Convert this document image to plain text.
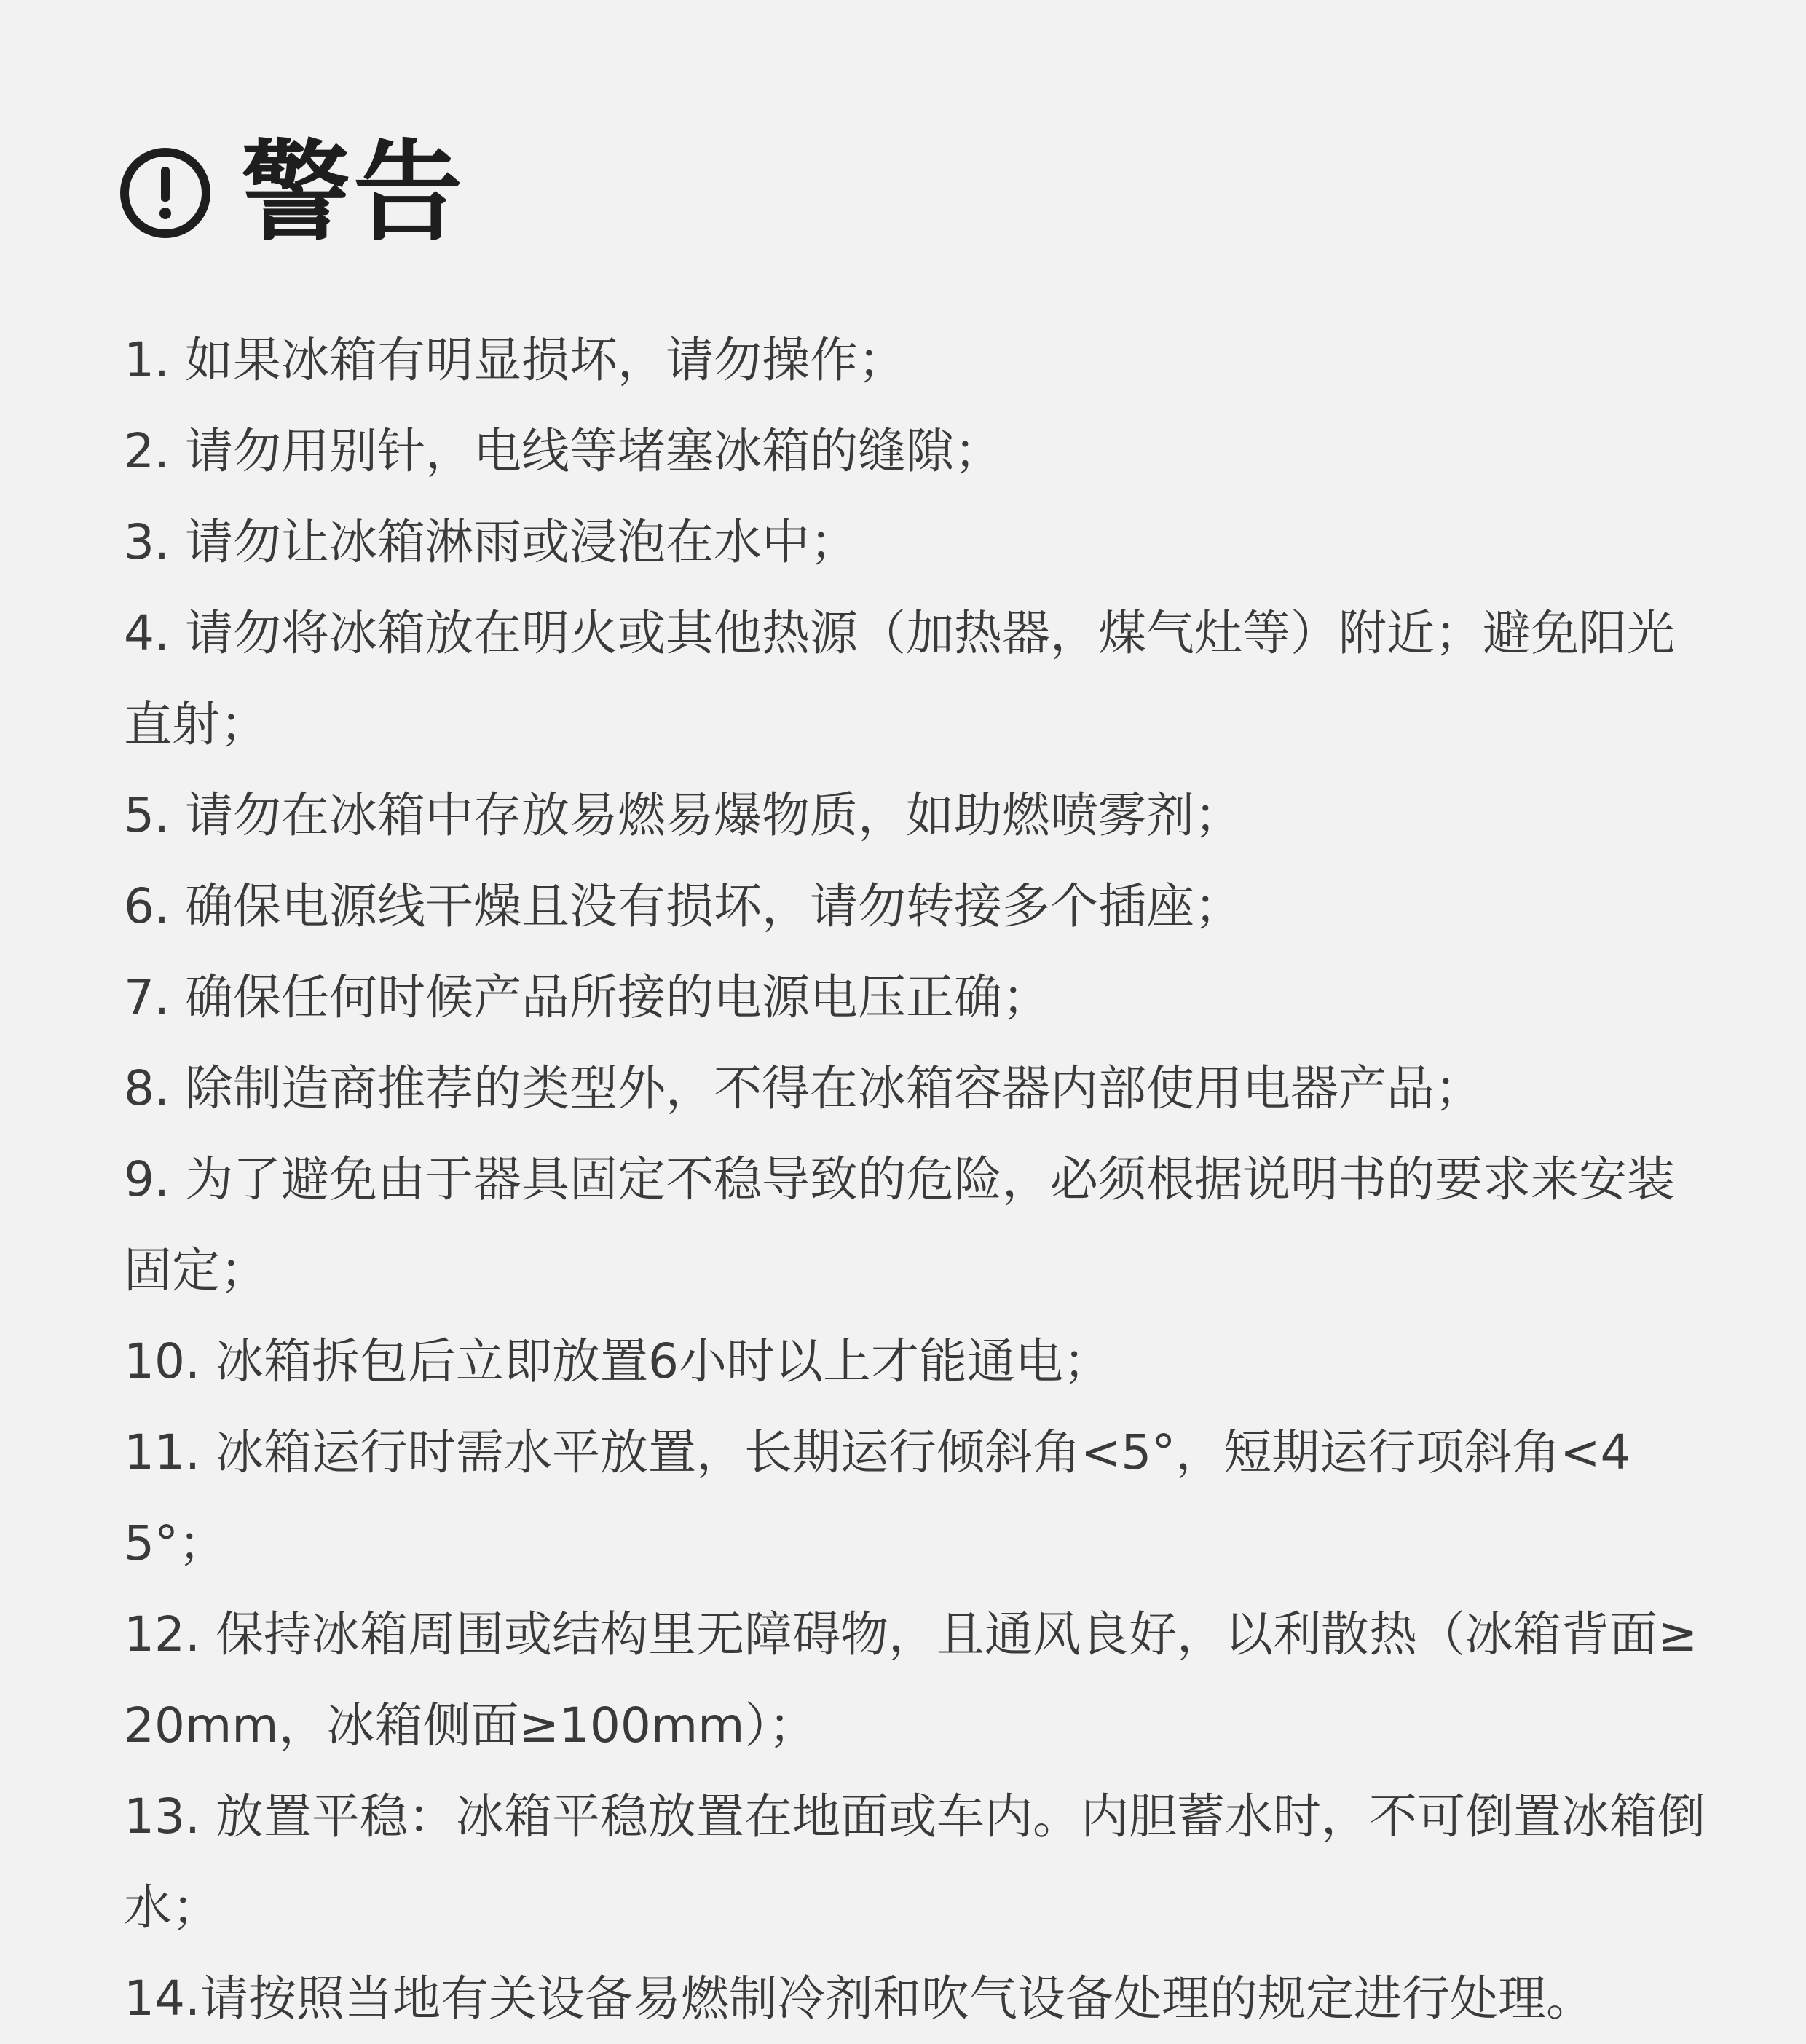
警告
1. 如果冰箱有明显损坏，请勿操作；
2. 请勿用别针，电线等堵塞冰箱的缝隙；
3. 请勿让冰箱淋雨或浸泡在水中；
4. 请勿将冰箱放在明火或其他热源（加热器，煤气灶等）附近；避免阳光直射；
5. 请勿在冰箱中存放易燃易爆物质，如助燃喷雾剂；
6. 确保电源线干燥且没有损坏，请勿转接多个插座；
7. 确保任何时候产品所接的电源电压正确；
8. 除制造商推荐的类型外，不得在冰箱容器内部使用电器产品；
9. 为了避免由于器具固定不稳导致的危险，必须根据说明书的要求来安装固定；
10. 冰箱拆包后立即放置6小时以上才能通电；
11. 冰箱运行时需水平放置，长期运行倾斜角<5°，短期运行项斜角<45°；
12. 保持冰箱周围或结构里无障碍物，且通风良好，以利散热（冰箱背面≥20mm，冰箱侧面≥100mm）；
13. 放置平稳：冰箱平稳放置在地面或车内。内胆蓄水时，不可倒置冰箱倒水；
14.请按照当地有关设备易燃制冷剂和吹气设备处理的规定进行处理。
